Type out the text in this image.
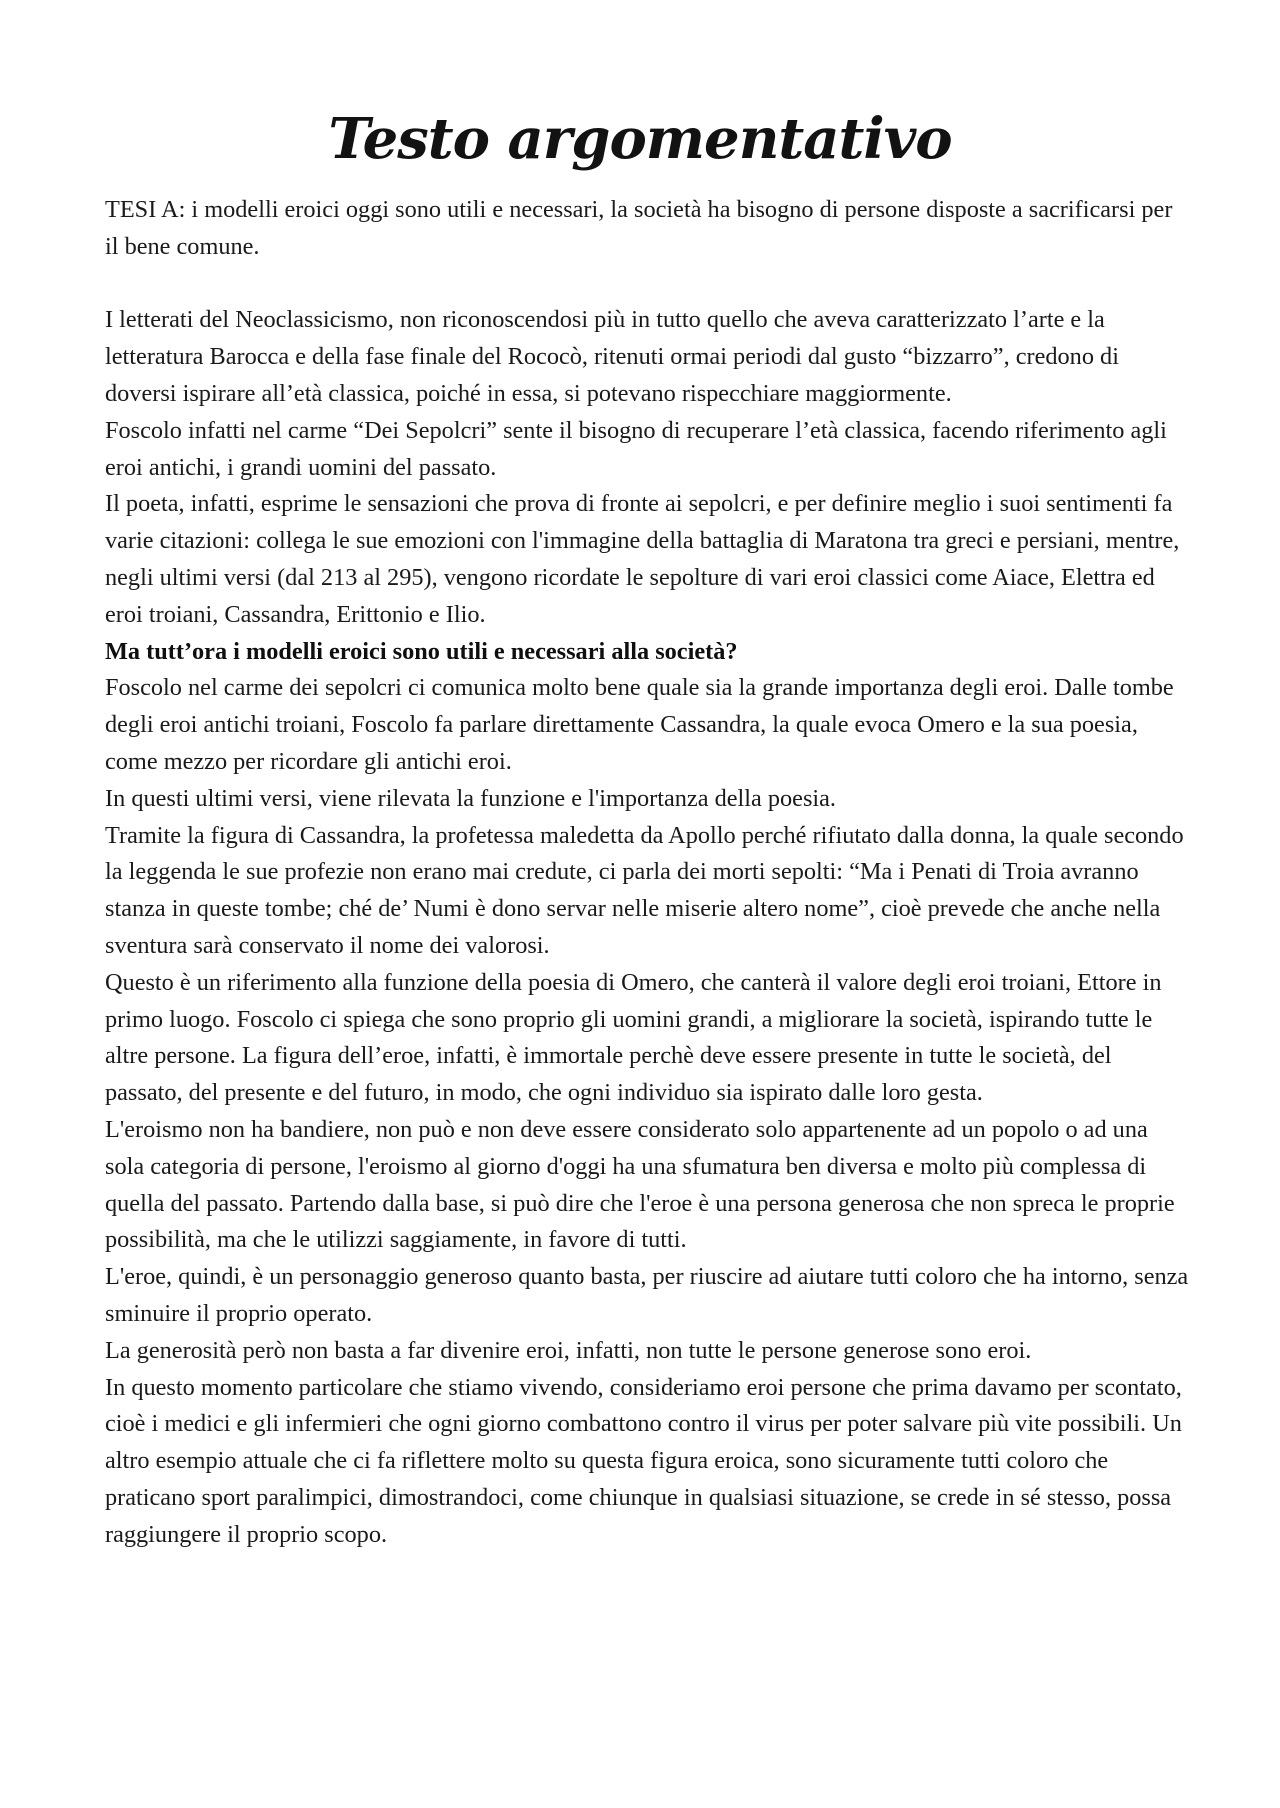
Testo argomentativo

TESI A: i modelli eroici oggi sono utili e necessari, la società ha bisogno di persone disposte a sacrificarsi per il bene comune.

I letterati del Neoclassicismo, non riconoscendosi più in tutto quello che aveva caratterizzato l’arte e la letteratura Barocca e della fase finale del Rococò, ritenuti ormai periodi dal gusto “bizzarro”, credono di doversi ispirare all’età classica, poiché in essa, si potevano rispecchiare maggiormente.

Foscolo infatti nel carme “Dei Sepolcri” sente il bisogno di recuperare l’età classica, facendo riferimento agli eroi antichi, i grandi uomini del passato.

Il poeta, infatti, esprime le sensazioni che prova di fronte ai sepolcri, e per definire meglio i suoi sentimenti fa varie citazioni: collega le sue emozioni con l'immagine della battaglia di Maratona tra greci e persiani, mentre, negli ultimi versi (dal 213 al 295), vengono ricordate le sepolture di vari eroi classici come Aiace, Elettra ed eroi troiani, Cassandra, Erittonio e Ilio.

Ma tutt’ora i modelli eroici sono utili e necessari alla società?

Foscolo nel carme dei sepolcri ci comunica molto bene quale sia la grande importanza degli eroi. Dalle tombe degli eroi antichi troiani, Foscolo fa parlare direttamente Cassandra, la quale evoca Omero e la sua poesia, come mezzo per ricordare gli antichi eroi.

In questi ultimi versi, viene rilevata la funzione e l'importanza della poesia.

Tramite la figura di Cassandra, la profetessa maledetta da Apollo perché rifiutato dalla donna, la quale secondo la leggenda le sue profezie non erano mai credute, ci parla dei morti sepolti: “Ma i Penati di Troia avranno stanza in queste tombe; ché de’ Numi è dono servar nelle miserie altero nome”, cioè prevede che anche nella sventura sarà conservato il nome dei valorosi.

Questo è un riferimento alla funzione della poesia di Omero, che canterà il valore degli eroi troiani, Ettore in primo luogo. Foscolo ci spiega che sono proprio gli uomini grandi, a migliorare la società, ispirando tutte le altre persone. La figura dell’eroe, infatti, è immortale perchè deve essere presente in tutte le società, del passato, del presente e del futuro, in modo, che ogni individuo sia ispirato dalle loro gesta.

L'eroismo non ha bandiere, non può e non deve essere considerato solo appartenente ad un popolo o ad una sola categoria di persone, l'eroismo al giorno d'oggi ha una sfumatura ben diversa e molto più complessa di quella del passato. Partendo dalla base, si può dire che l'eroe è una persona generosa che non spreca le proprie possibilità, ma che le utilizzi saggiamente, in favore di tutti.

L'eroe, quindi, è un personaggio generoso quanto basta, per riuscire ad aiutare tutti coloro che ha intorno, senza sminuire il proprio operato.

La generosità però non basta a far divenire eroi, infatti, non tutte le persone generose sono eroi.

In questo momento particolare che stiamo vivendo, consideriamo eroi persone che prima davamo per scontato, cioè i medici e gli infermieri che ogni giorno combattono contro il virus per poter salvare più vite possibili. Un altro esempio attuale che ci fa riflettere molto su questa figura eroica, sono sicuramente tutti coloro che praticano sport paralimpici, dimostrandoci, come chiunque in qualsiasi situazione, se crede in sé stesso, possa raggiungere il proprio scopo.
